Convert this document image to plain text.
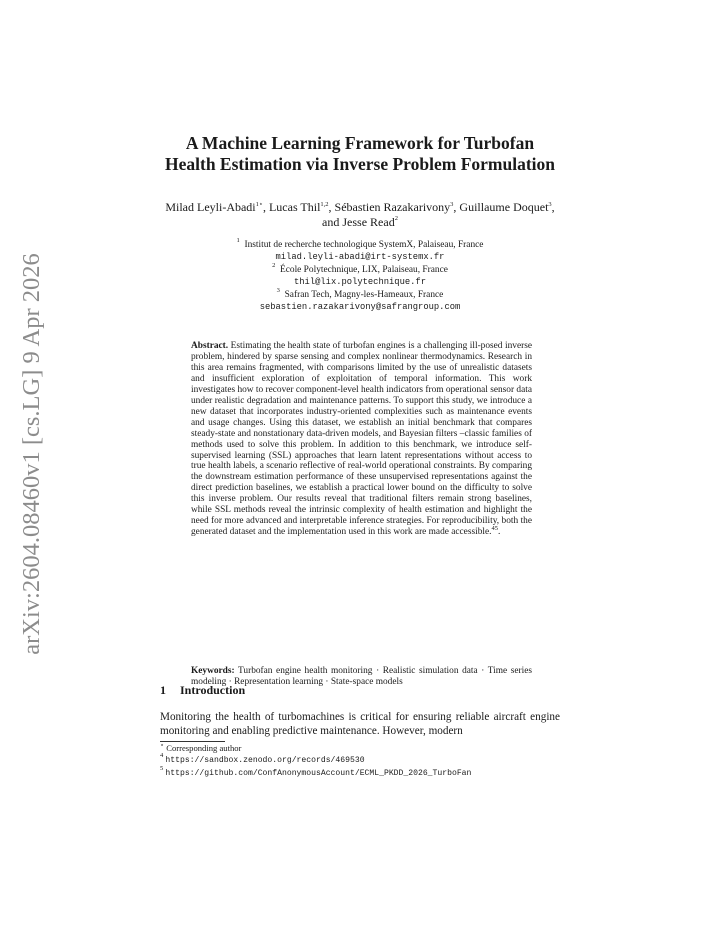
arXiv:2604.08460v1 [cs.LG] 9 Apr 2026
A Machine Learning Framework for Turbofan
Health Estimation via Inverse Problem Formulation
Milad Leyli-Abadi$^{1⋆}$, Lucas Thil$^{1,2}$, Sébastien Razakarivony$^3$, Guillaume Doquet$^3$, and Jesse Read$^2$
$^1$ Institut de recherche technologique SystemX, Palaiseau, France
milad.leyli-abadi@irt-systemx.fr
$^2$ École Polytechnique, LIX, Palaiseau, France
thil@lix.polytechnique.fr
$^3$ Safran Tech, Magny-les-Hameaux, France
sebastien.razakarivony@safrangroup.com
Abstract. Estimating the health state of turbofan engines is a challenging ill-posed inverse problem, hindered by sparse sensing and complex nonlinear thermodynamics. Research in this area remains fragmented, with comparisons limited by the use of unrealistic datasets and insufficient exploration of exploitation of temporal information. This work investigates how to recover component-level health indicators from operational sensor data under realistic degradation and maintenance patterns. To support this study, we introduce a new dataset that incorporates industry-oriented complexities such as maintenance events and usage changes. Using this dataset, we establish an initial benchmark that compares steady-state and nonstationary data-driven models, and Bayesian filters –classic families of methods used to solve this problem. In addition to this benchmark, we introduce self-supervised learning (SSL) approaches that learn latent representations without access to true health labels, a scenario reflective of real-world operational constraints. By comparing the downstream estimation performance of these unsupervised representations against the direct prediction baselines, we establish a practical lower bound on the difficulty to solve this inverse problem. Our results reveal that traditional filters remain strong baselines, while SSL methods reveal the intrinsic complexity of health estimation and highlight the need for more advanced and interpretable inference strategies. For reproducibility, both the generated dataset and the implementation used in this work are made accessible.$^{45}$.
Keywords: Turbofan engine health monitoring · Realistic simulation data · Time series modeling · Representation learning · State-space models
1 Introduction
Monitoring the health of turbomachines is critical for ensuring reliable aircraft engine monitoring and enabling predictive maintenance. However, modern
⋆ Corresponding author
$^4$ https://sandbox.zenodo.org/records/469530
$^5$ https://github.com/ConfAnonymousAccount/ECML_PKDD_2026_TurboFan
